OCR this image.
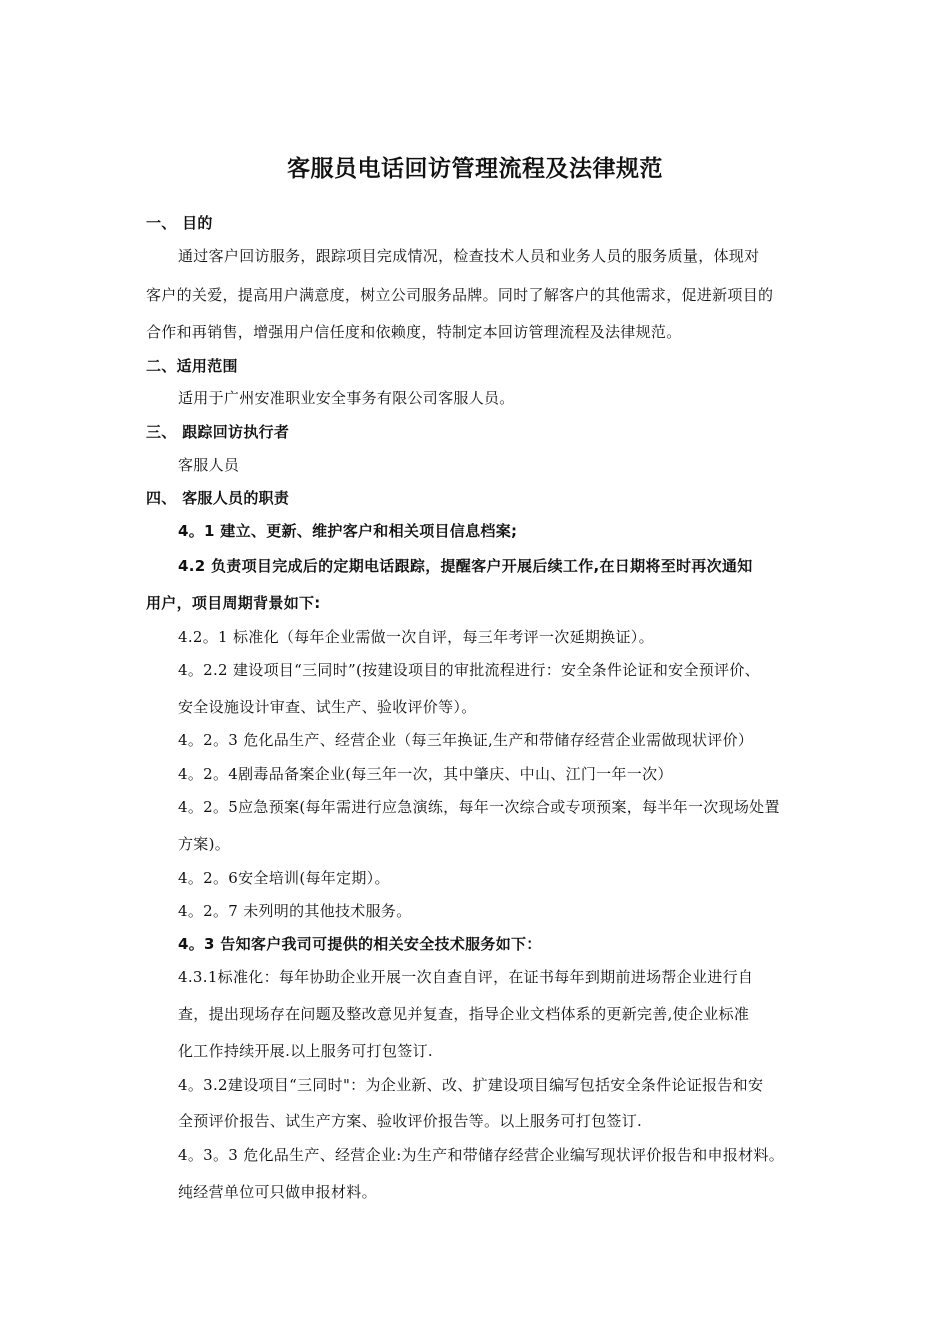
客服员电话回访管理流程及法律规范
一、 目的
通过客户回访服务，跟踪项目完成情况，检查技术人员和业务人员的服务质量，体现对
客户的关爱，提高用户满意度，树立公司服务品牌。同时了解客户的其他需求，促进新项目的
合作和再销售，增强用户信任度和依赖度，特制定本回访管理流程及法律规范。
二、适用范围
适用于广州安准职业安全事务有限公司客服人员。
三、 跟踪回访执行者
客服人员
四、 客服人员的职责
4。1 建立、更新、维护客户和相关项目信息档案;
4.2 负责项目完成后的定期电话跟踪，提醒客户开展后续工作,在日期将至时再次通知
用户，项目周期背景如下:
4.2。1 标准化（每年企业需做一次自评，每三年考评一次延期换证）。
4。2.2 建设项目“三同时”(按建设项目的审批流程进行：安全条件论证和安全预评价、
安全设施设计审查、试生产、验收评价等）。
4。2。3 危化品生产、经营企业（每三年换证,生产和带储存经营企业需做现状评价）
4。2。4剧毒品备案企业(每三年一次，其中肇庆、中山、江门一年一次）
4。2。5应急预案(每年需进行应急演练，每年一次综合或专项预案，每半年一次现场处置
方案)。
4。2。6安全培训(每年定期）。
4。2。7 未列明的其他技术服务。
4。3 告知客户我司可提供的相关安全技术服务如下：
4.3.1标准化：每年协助企业开展一次自查自评，在证书每年到期前进场帮企业进行自
查，提出现场存在问题及整改意见并复查，指导企业文档体系的更新完善,使企业标准
化工作持续开展.以上服务可打包签订.
4。3.2建设项目“三同时"：为企业新、改、扩建设项目编写包括安全条件论证报告和安
全预评价报告、试生产方案、验收评价报告等。以上服务可打包签订.
4。3。3 危化品生产、经营企业:为生产和带储存经营企业编写现状评价报告和申报材料。
纯经营单位可只做申报材料。
